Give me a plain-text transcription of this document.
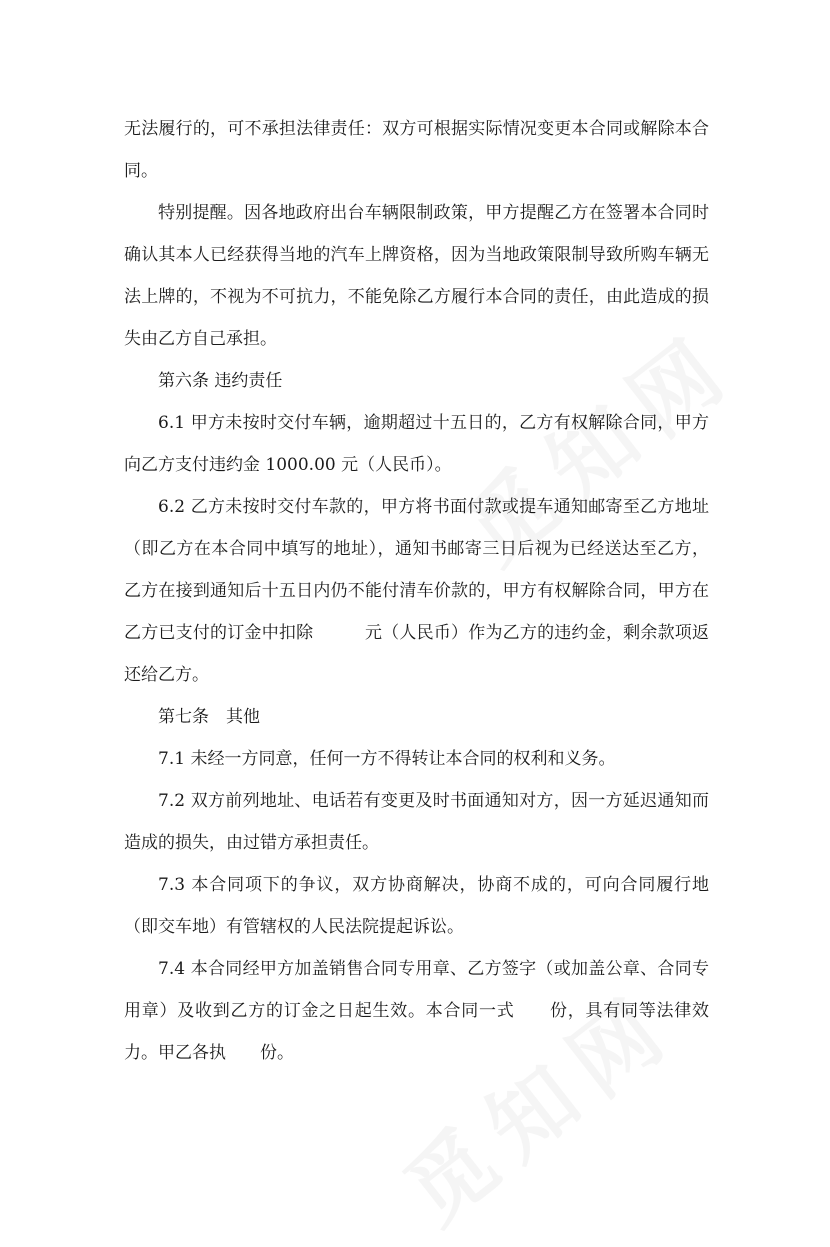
无法履行的，可不承担法律责任：双方可根据实际情况变更本合同或解除本合同。

特别提醒。因各地政府出台车辆限制政策，甲方提醒乙方在签署本合同时确认其本人已经获得当地的汽车上牌资格，因为当地政策限制导致所购车辆无法上牌的，不视为不可抗力，不能免除乙方履行本合同的责任，由此造成的损失由乙方自己承担。

第六条 违约责任

6.1 甲方未按时交付车辆，逾期超过十五日的，乙方有权解除合同，甲方向乙方支付违约金 1000.00 元（人民币）。

6.2 乙方未按时交付车款的，甲方将书面付款或提车通知邮寄至乙方地址（即乙方在本合同中填写的地址），通知书邮寄三日后视为已经送达至乙方，乙方在接到通知后十五日内仍不能付清车价款的，甲方有权解除合同，甲方在乙方已支付的订金中扣除　　　元（人民币）作为乙方的违约金，剩余款项返还给乙方。

第七条　其他

7.1 未经一方同意，任何一方不得转让本合同的权利和义务。

7.2 双方前列地址、电话若有变更及时书面通知对方，因一方延迟通知而造成的损失，由过错方承担责任。

7.3 本合同项下的争议，双方协商解决，协商不成的，可向合同履行地（即交车地）有管辖权的人民法院提起诉讼。

7.4 本合同经甲方加盖销售合同专用章、乙方签字（或加盖公章、合同专用章）及收到乙方的订金之日起生效。本合同一式　　份，具有同等法律效力。甲乙各执　　份。
